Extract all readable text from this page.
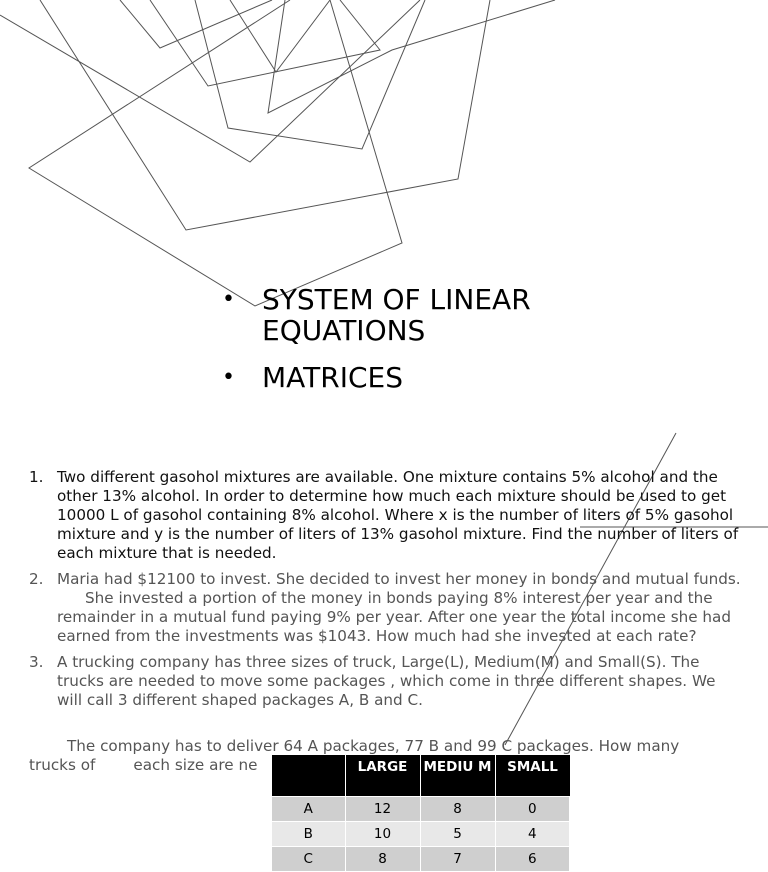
• SYSTEM OF LINEAR EQUATIONS
• MATRICES
1. Two different gasohol mixtures are available. One mixture contains 5% alcohol and the other 13% alcohol. In order to determine how much each mixture should be used to get 10000 L of gasohol containing 8% alcohol. Where x is the number of liters of 5% gasohol mixture and y is the number of liters of 13% gasohol mixture. Find the number of liters of each mixture that is needed.
2. Maria had $12100 to invest. She decided to invest her money in bonds and mutual funds.She invested a portion of the money in bonds paying 8% interest per year and the remainder in a mutual fund paying 9% per year. After one year the total income she had earned from the investments was $1043. How much had she invested at each rate?
3. A trucking company has three sizes of truck, Large(L), Medium(M) and Small(S). The trucks are needed to move some packages , which come in three different shapes. We will call 3 different shaped packages A, B and C.
The company has to deliver 64 A packages, 77 B and 99 C packages. How many
trucks of	each size are ne
		LARGE	MEDIU M	SMALL
A	12	8	0
B	10	5	4
C	8	7	6
